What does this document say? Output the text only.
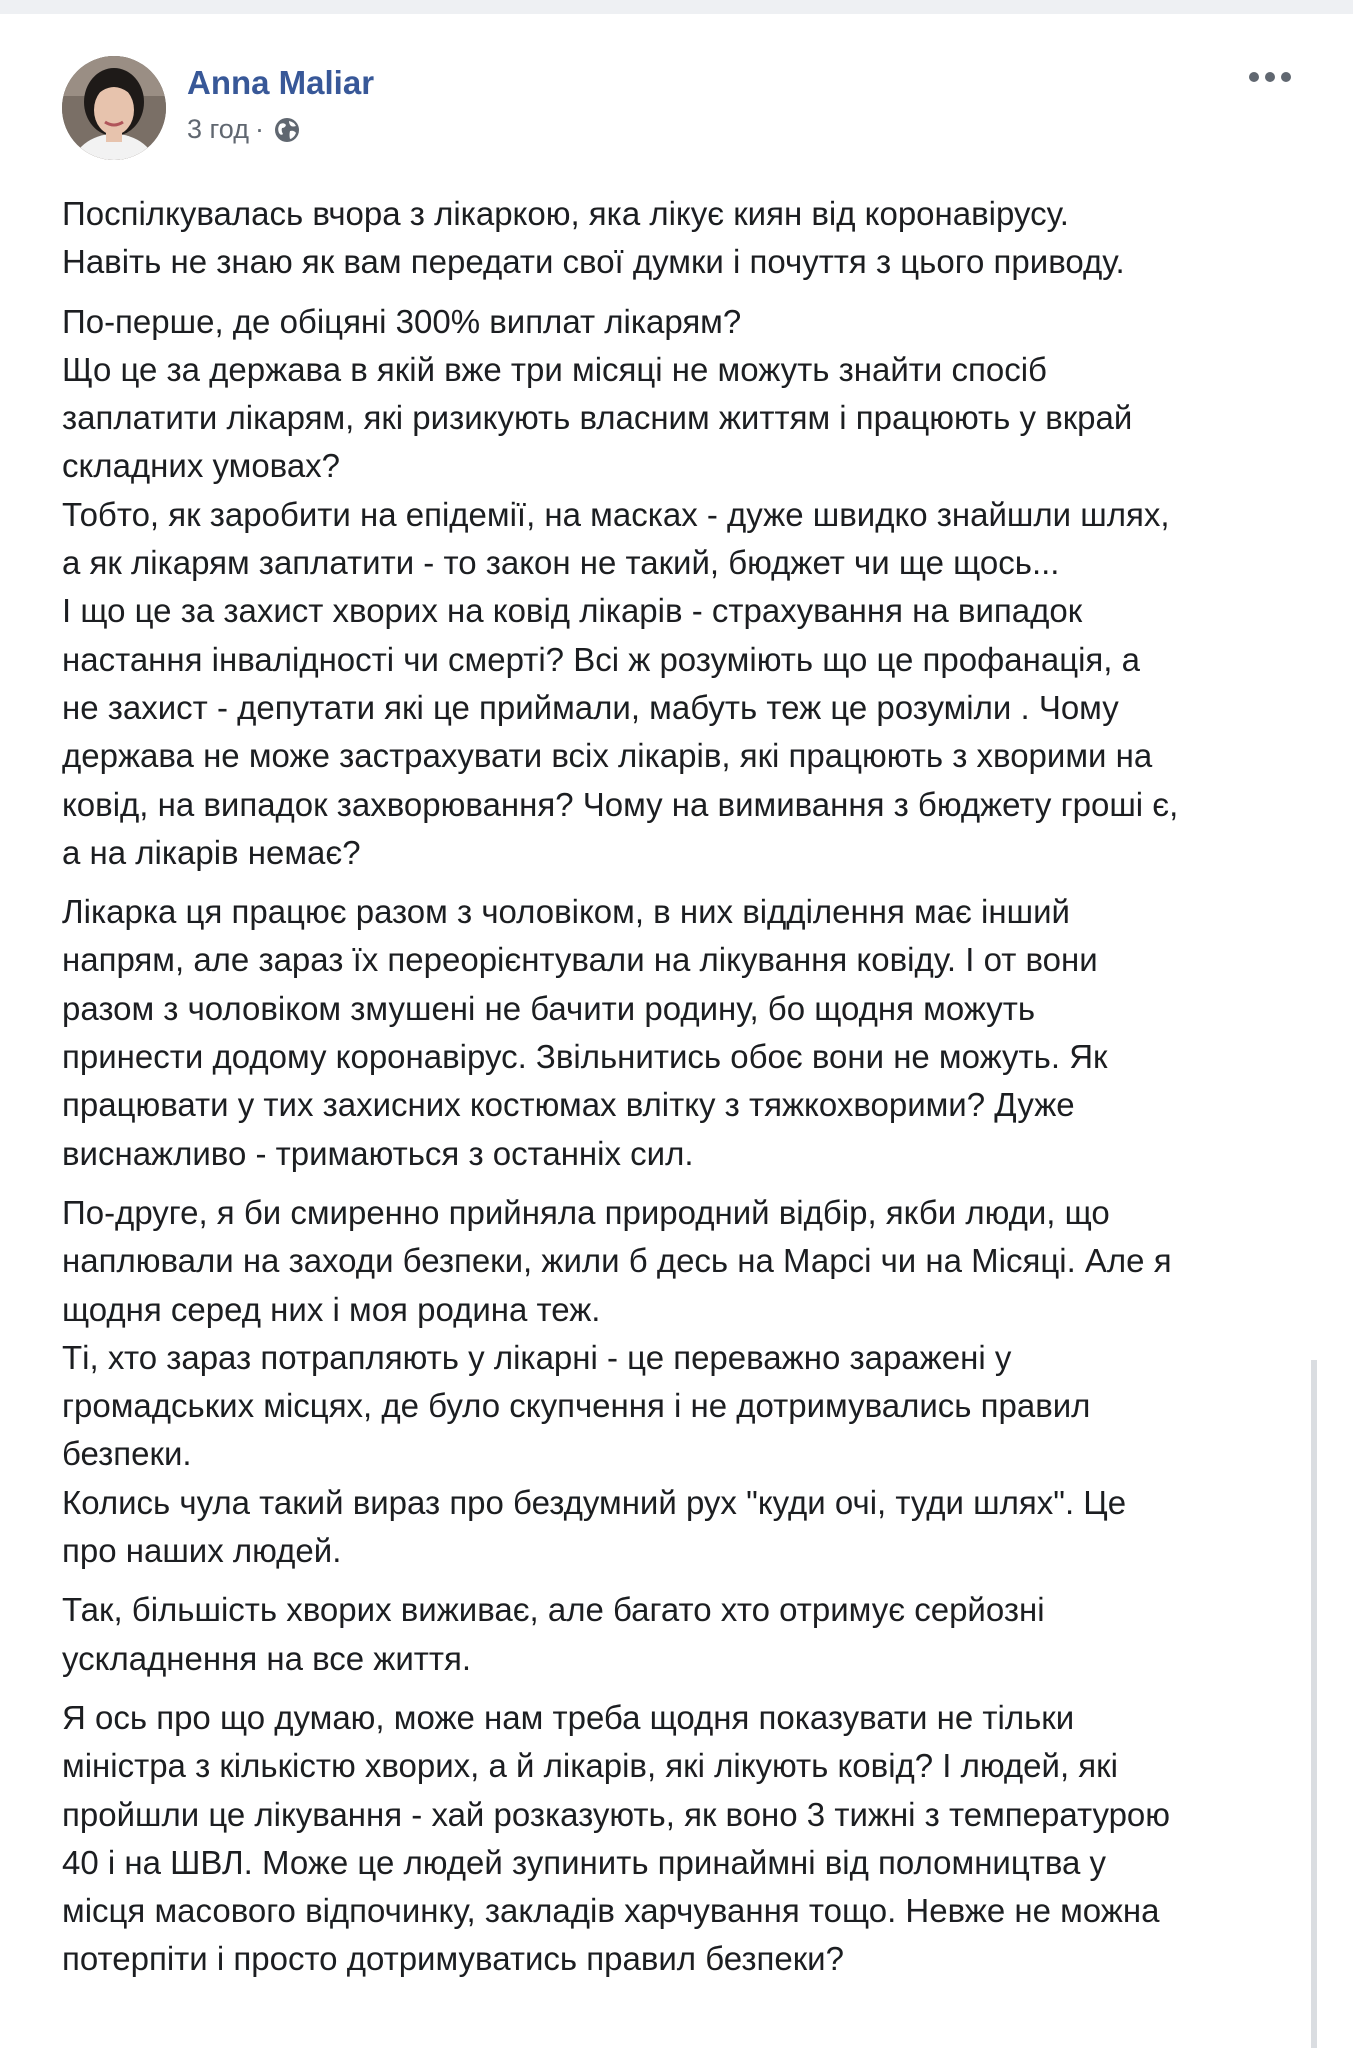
Anna Maliar
3 год ·

Поспілкувалась вчора з лікаркою, яка лікує киян від коронавірусу.
Навіть не знаю як вам передати свої думки і почуття з цього приводу.

По-перше, де обіцяні 300% виплат лікарям?
Що це за держава в якій вже три місяці не можуть знайти спосіб
заплатити лікарям, які ризикують власним життям і працюють у вкрай
складних умовах?
Тобто, як заробити на епідемії, на масках - дуже швидко знайшли шлях,
а як лікарям заплатити - то закон не такий, бюджет чи ще щось...
І що це за захист хворих на ковід лікарів - страхування на випадок
настання інвалідності чи смерті? Всі ж розуміють що це профанація, а
не захист - депутати які це приймали, мабуть теж це розуміли . Чому
держава не може застрахувати всіх лікарів, які працюють з хворими на
ковід, на випадок захворювання? Чому на вимивання з бюджету гроші є,
а на лікарів немає?

Лікарка ця працює разом з чоловіком, в них відділення має інший
напрям, але зараз їх переорієнтували на лікування ковіду. І от вони
разом з чоловіком змушені не бачити родину, бо щодня можуть
принести додому коронавірус. Звільнитись обоє вони не можуть. Як
працювати у тих захисних костюмах влітку з тяжкохворими? Дуже
виснажливо - тримаються з останніх сил.

По-друге, я би смиренно прийняла природний відбір, якби люди, що
наплювали на заходи безпеки, жили б десь на Марсі чи на Місяці. Але я
щодня серед них і моя родина теж.
Ті, хто зараз потрапляють у лікарні - це переважно заражені у
громадських місцях, де було скупчення і не дотримувались правил
безпеки.
Колись чула такий вираз про бездумний рух "куди очі, туди шлях". Це
про наших людей.

Так, більшість хворих виживає, але багато хто отримує серйозні
ускладнення на все життя.

Я ось про що думаю, може нам треба щодня показувати не тільки
міністра з кількістю хворих, а й лікарів, які лікують ковід? І людей, які
пройшли це лікування - хай розказують, як воно 3 тижні з температурою
40 і на ШВЛ. Може це людей зупинить принаймні від поломництва у
місця масового відпочинку, закладів харчування тощо. Невже не можна
потерпіти і просто дотримуватись правил безпеки?
